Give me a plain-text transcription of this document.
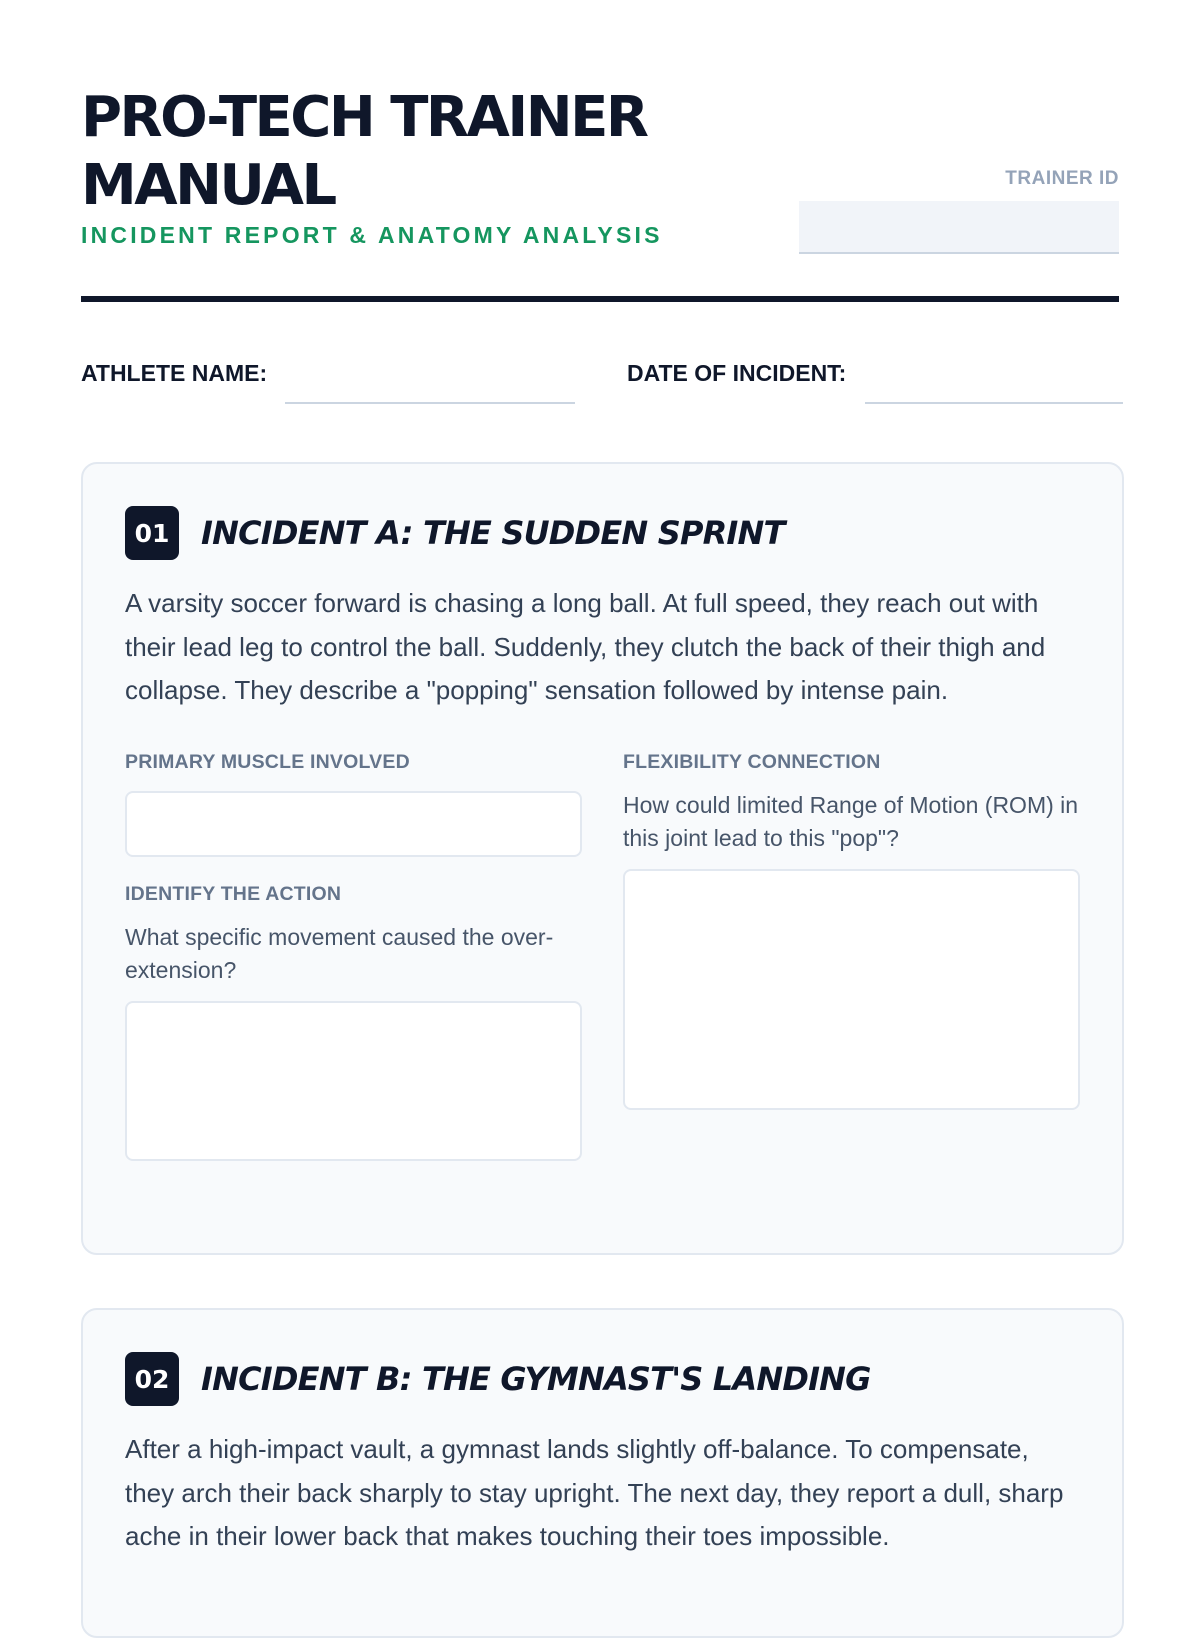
PRO-TECH TRAINER MANUAL
INCIDENT REPORT & ANATOMY ANALYSIS
TRAINER ID
ATHLETE NAME:	DATE OF INCIDENT:
01 INCIDENT A: THE SUDDEN SPRINT
A varsity soccer forward is chasing a long ball. At full speed, they reach out with their lead leg to control the ball. Suddenly, they clutch the back of their thigh and collapse. They describe a "popping" sensation followed by intense pain.
PRIMARY MUSCLE INVOLVED
IDENTIFY THE ACTION
What specific movement caused the over-extension?
FLEXIBILITY CONNECTION
How could limited Range of Motion (ROM) in this joint lead to this "pop"?
02 INCIDENT B: THE GYMNAST'S LANDING
After a high-impact vault, a gymnast lands slightly off-balance. To compensate, they arch their back sharply to stay upright. The next day, they report a dull, sharp ache in their lower back that makes touching their toes impossible.
